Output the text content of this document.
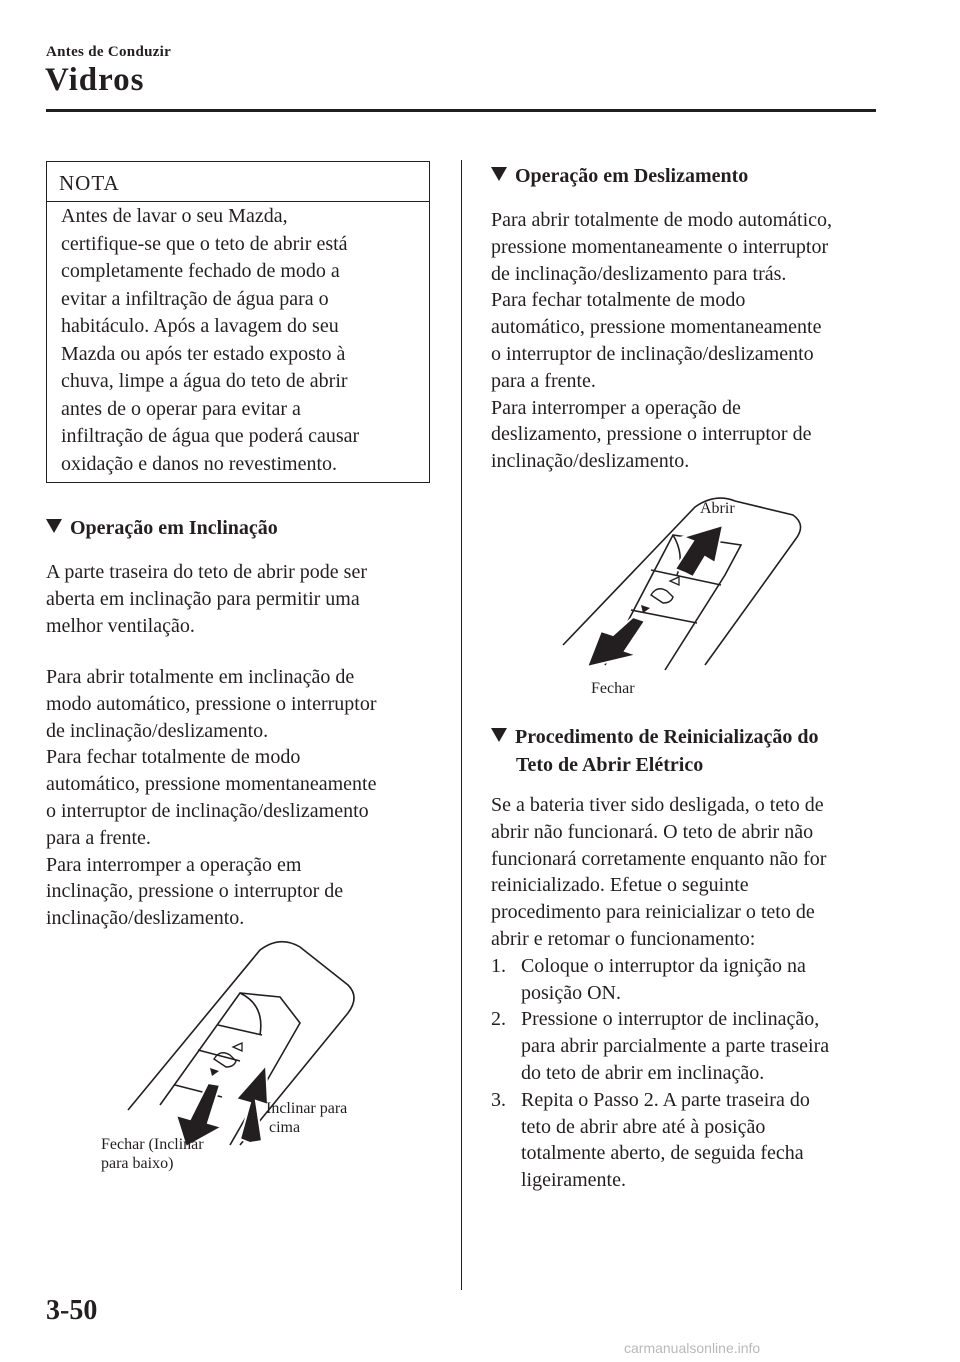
Antes de Conduzir
Vidros
NOTA
Antes de lavar o seu Mazda,
certifique-se que o teto de abrir está
completamente fechado de modo a
evitar a infiltração de água para o
habitáculo. Após a lavagem do seu
Mazda ou após ter estado exposto à
chuva, limpe a água do teto de abrir
antes de o operar para evitar a
infiltração de água que poderá causar
oxidação e danos no revestimento.
Operação em Inclinação
A parte traseira do teto de abrir pode ser
aberta em inclinação para permitir uma
melhor ventilação.
Para abrir totalmente em inclinação de
modo automático, pressione o interruptor
de inclinação/deslizamento.
Para fechar totalmente de modo
automático, pressione momentaneamente
o interruptor de inclinação/deslizamento
para a frente.
Para interromper a operação em
inclinação, pressione o interruptor de
inclinação/deslizamento.
Inclinar para
cima
Fechar (Inclinar
para baixo)
Operação em Deslizamento
Para abrir totalmente de modo automático,
pressione momentaneamente o interruptor
de inclinação/deslizamento para trás.
Para fechar totalmente de modo
automático, pressione momentaneamente
o interruptor de inclinação/deslizamento
para a frente.
Para interromper a operação de
deslizamento, pressione o interruptor de
inclinação/deslizamento.
Abrir
Fechar
Procedimento de Reinicialização do
Teto de Abrir Elétrico
Se a bateria tiver sido desligada, o teto de
abrir não funcionará. O teto de abrir não
funcionará corretamente enquanto não for
reinicializado. Efetue o seguinte
procedimento para reinicializar o teto de
abrir e retomar o funcionamento:
1. Coloque o interruptor da ignição na
posição ON.
2. Pressione o interruptor de inclinação,
para abrir parcialmente a parte traseira
do teto de abrir em inclinação.
3. Repita o Passo 2. A parte traseira do
teto de abrir abre até à posição
totalmente aberto, de seguida fecha
ligeiramente.
3-50
carmanualsonline.info
